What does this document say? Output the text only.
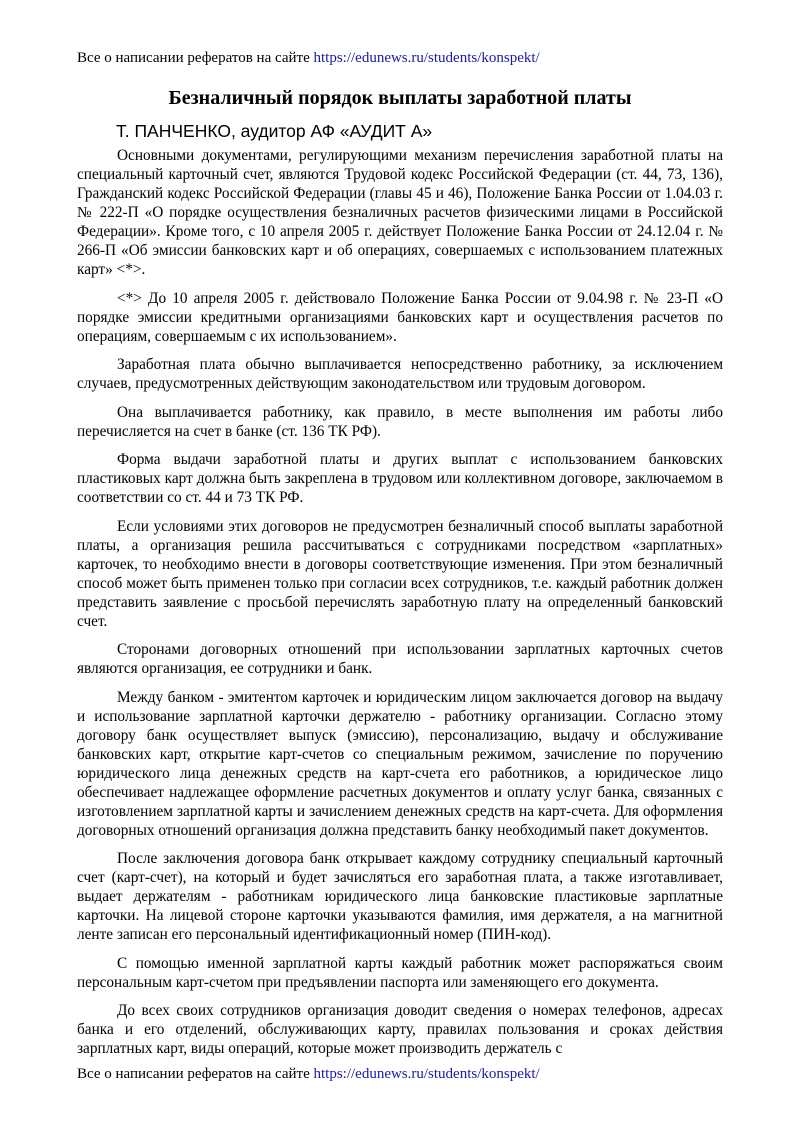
Все о написании рефератов на сайте https://edunews.ru/students/konspekt/
Безналичный порядок выплаты заработной платы
Т. ПАНЧЕНКО, аудитор АФ «АУДИТ А»

Основными документами, регулирующими механизм перечисления заработной платы на специальный карточный счет, являются Трудовой кодекс Российской Федерации (ст. 44, 73, 136), Гражданский кодекс Российской Федерации (главы 45 и 46), Положение Банка России от 1.04.03 г. № 222-П «О порядке осуществления безналичных расчетов физическими лицами в Российской Федерации». Кроме того, с 10 апреля 2005 г. действует Положение Банка России от 24.12.04 г. № 266-П «Об эмиссии банковских карт и об операциях, совершаемых с использованием платежных карт» <*>.

<*> До 10 апреля 2005 г. действовало Положение Банка России от 9.04.98 г. № 23-П «О порядке эмиссии кредитными организациями банковских карт и осуществления расчетов по операциям, совершаемым с их использованием».

Заработная плата обычно выплачивается непосредственно работнику, за исключением случаев, предусмотренных действующим законодательством или трудовым договором.

Она выплачивается работнику, как правило, в месте выполнения им работы либо перечисляется на счет в банке (ст. 136 ТК РФ).

Форма выдачи заработной платы и других выплат с использованием банковских пластиковых карт должна быть закреплена в трудовом или коллективном договоре, заключаемом в соответствии со ст. 44 и 73 ТК РФ.

Если условиями этих договоров не предусмотрен безналичный способ выплаты заработной платы, а организация решила рассчитываться с сотрудниками посредством «зарплатных» карточек, то необходимо внести в договоры соответствующие изменения. При этом безналичный способ может быть применен только при согласии всех сотрудников, т.е. каждый работник должен представить заявление с просьбой перечислять заработную плату на определенный банковский счет.

Сторонами договорных отношений при использовании зарплатных карточных счетов являются организация, ее сотрудники и банк.

Между банком - эмитентом карточек и юридическим лицом заключается договор на выдачу и использование зарплатной карточки держателю - работнику организации. Согласно этому договору банк осуществляет выпуск (эмиссию), персонализацию, выдачу и обслуживание банковских карт, открытие карт-счетов со специальным режимом, зачисление по поручению юридического лица денежных средств на карт-счета его работников, а юридическое лицо обеспечивает надлежащее оформление расчетных документов и оплату услуг банка, связанных с изготовлением зарплатной карты и зачислением денежных средств на карт-счета. Для оформления договорных отношений организация должна представить банку необходимый пакет документов.

После заключения договора банк открывает каждому сотруднику специальный карточный счет (карт-счет), на который и будет зачисляться его заработная плата, а также изготавливает, выдает держателям - работникам юридического лица банковские пластиковые зарплатные карточки. На лицевой стороне карточки указываются фамилия, имя держателя, а на магнитной ленте записан его персональный идентификационный номер (ПИН-код).

С помощью именной зарплатной карты каждый работник может распоряжаться своим персональным карт-счетом при предъявлении паспорта или заменяющего его документа.

До всех своих сотрудников организация доводит сведения о номерах телефонов, адресах банка и его отделений, обслуживающих карту, правилах пользования и сроках действия зарплатных карт, виды операций, которые может производить держатель с

Все о написании рефератов на сайте https://edunews.ru/students/konspekt/
